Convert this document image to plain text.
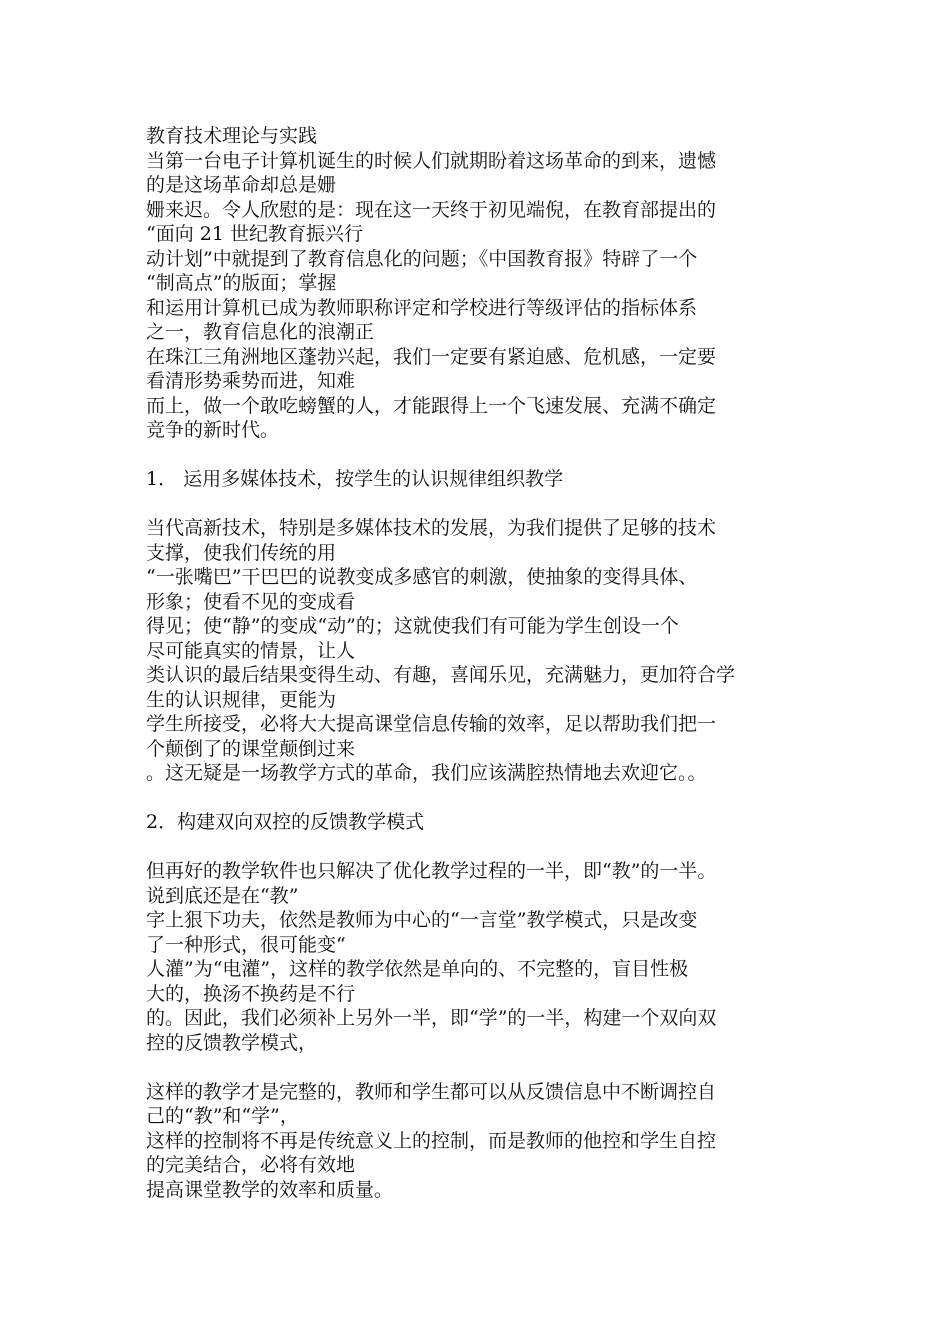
教育技术理论与实践
当第一台电子计算机诞生的时候人们就期盼着这场革命的到来，遗憾
的是这场革命却总是姗
姗来迟。令人欣慰的是：现在这一天终于初见端倪，在教育部提出的
“面向 21 世纪教育振兴行
动计划”中就提到了教育信息化的问题；《中国教育报》特辟了一个
“制高点”的版面；掌握
和运用计算机已成为教师职称评定和学校进行等级评估的指标体系
之一，教育信息化的浪潮正
在珠江三角洲地区蓬勃兴起，我们一定要有紧迫感、危机感，一定要
看清形势乘势而进，知难
而上，做一个敢吃螃蟹的人，才能跟得上一个飞速发展、充满不确定
竞争的新时代。
1． 运用多媒体技术，按学生的认识规律组织教学
当代高新技术，特别是多媒体技术的发展，为我们提供了足够的技术
支撑，使我们传统的用
“一张嘴巴”干巴巴的说教变成多感官的刺激，使抽象的变得具体、
形象；使看不见的变成看
得见；使“静”的变成“动”的；这就使我们有可能为学生创设一个
尽可能真实的情景，让人
类认识的最后结果变得生动、有趣，喜闻乐见，充满魅力，更加符合学
生的认识规律，更能为
学生所接受，必将大大提高课堂信息传输的效率，足以帮助我们把一
个颠倒了的课堂颠倒过来
。这无疑是一场教学方式的革命，我们应该满腔热情地去欢迎它。。
2．构建双向双控的反馈教学模式
但再好的教学软件也只解决了优化教学过程的一半，即“教”的一半。
说到底还是在“教”
字上狠下功夫，依然是教师为中心的“一言堂”教学模式，只是改变
了一种形式，很可能变“
人灌”为“电灌”，这样的教学依然是单向的、不完整的，盲目性极
大的，换汤不换药是不行
的。因此，我们必须补上另外一半，即“学”的一半，构建一个双向双
控的反馈教学模式，
这样的教学才是完整的，教师和学生都可以从反馈信息中不断调控自
己的“教”和“学”，
这样的控制将不再是传统意义上的控制，而是教师的他控和学生自控
的完美结合，必将有效地
提高课堂教学的效率和质量。
